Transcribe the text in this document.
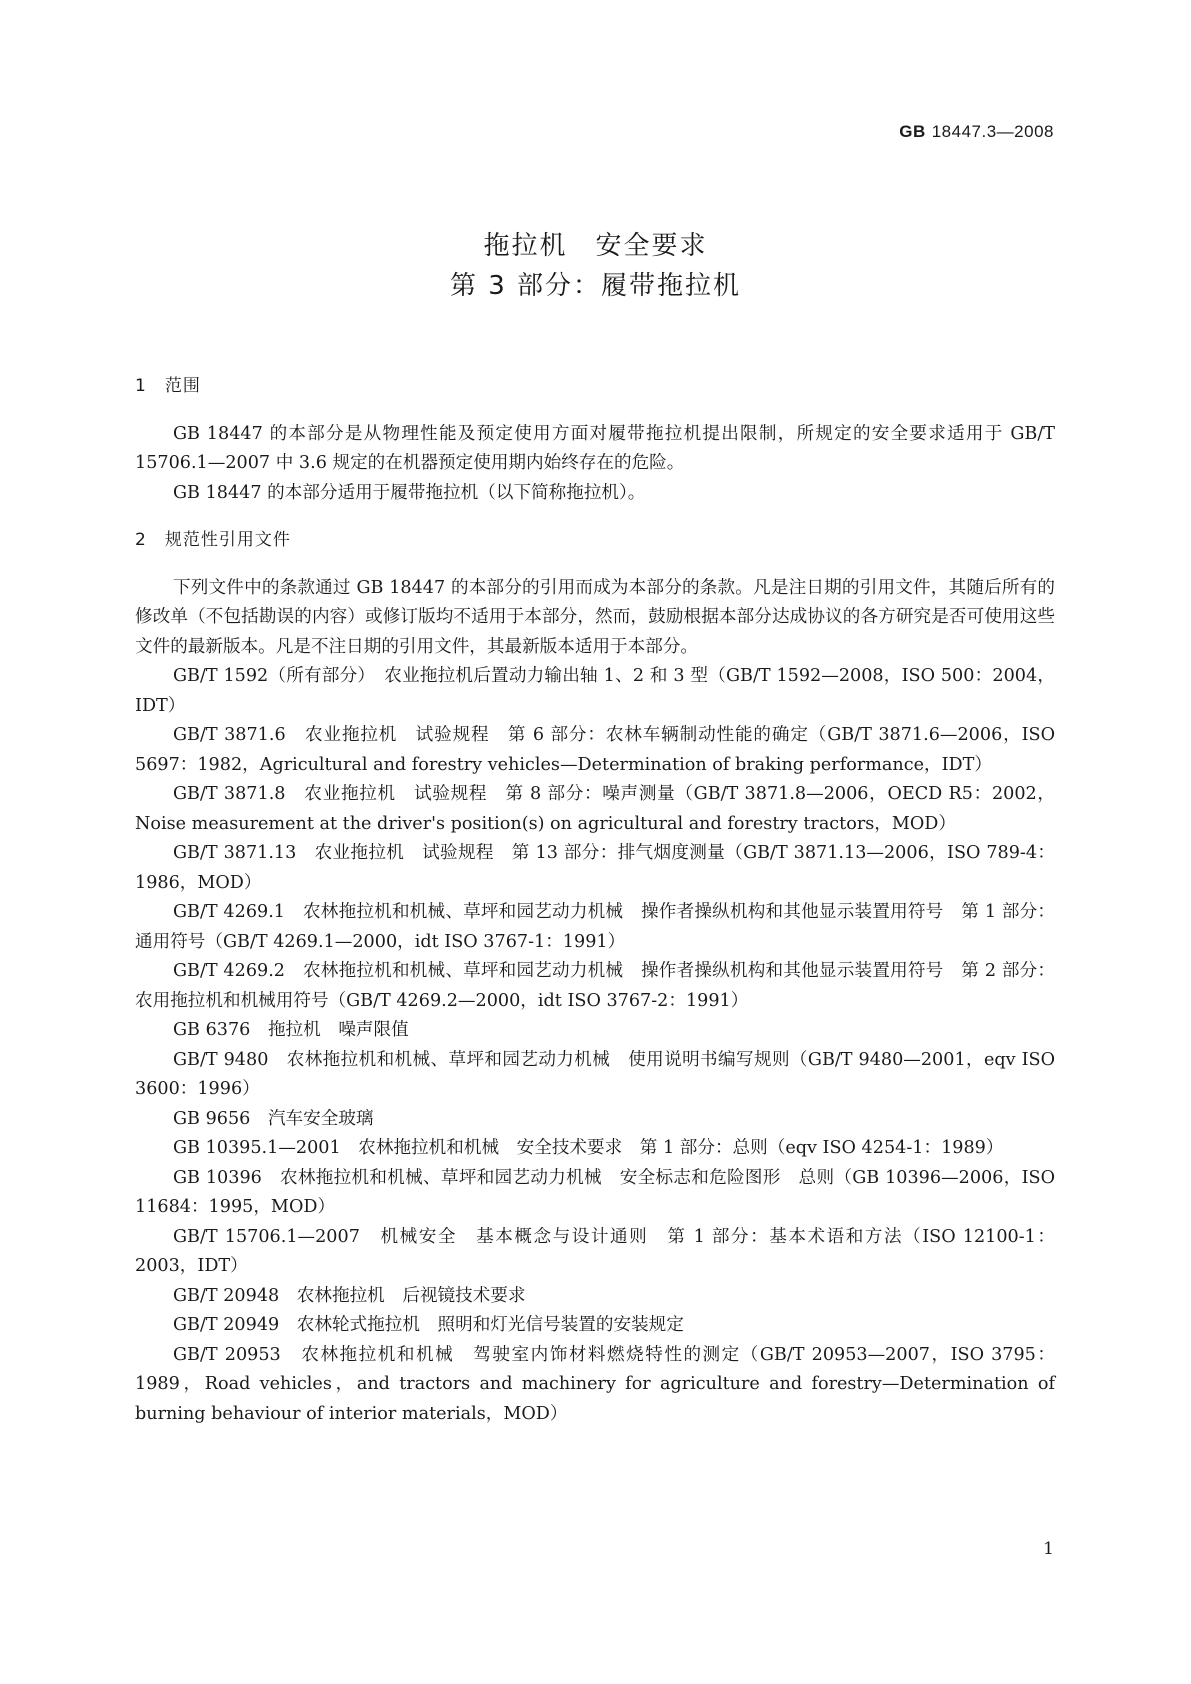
GB 18447.3—2008
拖拉机　安全要求
第 3 部分：履带拖拉机
1 范围

GB 18447 的本部分是从物理性能及预定使用方面对履带拖拉机提出限制，所规定的安全要求适用于 GB/T 15706.1—2007 中 3.6 规定的在机器预定使用期内始终存在的危险。

GB 18447 的本部分适用于履带拖拉机（以下简称拖拉机）。

2 规范性引用文件

下列文件中的条款通过 GB 18447 的本部分的引用而成为本部分的条款。凡是注日期的引用文件，其随后所有的修改单（不包括勘误的内容）或修订版均不适用于本部分，然而，鼓励根据本部分达成协议的各方研究是否可使用这些文件的最新版本。凡是不注日期的引用文件，其最新版本适用于本部分。

GB/T 1592（所有部分）　农业拖拉机后置动力输出轴 1、2 和 3 型（GB/T 1592—2008，ISO 500：2004，IDT）

GB/T 3871.6　农业拖拉机　试验规程　第 6 部分：农林车辆制动性能的确定（GB/T 3871.6—2006，ISO 5697：1982，Agricultural and forestry vehicles—Determination of braking performance，IDT）

GB/T 3871.8　农业拖拉机　试验规程　第 8 部分：噪声测量（GB/T 3871.8—2006，OECD R5：2002，Noise measurement at the driver's position(s) on agricultural and forestry tractors，MOD）

GB/T 3871.13　农业拖拉机　试验规程　第 13 部分：排气烟度测量（GB/T 3871.13—2006，ISO 789-4：1986，MOD）

GB/T 4269.1　农林拖拉机和机械、草坪和园艺动力机械　操作者操纵机构和其他显示装置用符号　第 1 部分：通用符号（GB/T 4269.1—2000，idt ISO 3767-1：1991）

GB/T 4269.2　农林拖拉机和机械、草坪和园艺动力机械　操作者操纵机构和其他显示装置用符号　第 2 部分：农用拖拉机和机械用符号（GB/T 4269.2—2000，idt ISO 3767-2：1991）

GB 6376　拖拉机　噪声限值

GB/T 9480　农林拖拉机和机械、草坪和园艺动力机械　使用说明书编写规则（GB/T 9480—2001，eqv ISO 3600：1996）

GB 9656　汽车安全玻璃

GB 10395.1—2001　农林拖拉机和机械　安全技术要求　第 1 部分：总则（eqv ISO 4254-1：1989）

GB 10396　农林拖拉机和机械、草坪和园艺动力机械　安全标志和危险图形　总则（GB 10396—2006，ISO 11684：1995，MOD）

GB/T 15706.1—2007　机械安全　基本概念与设计通则　第 1 部分：基本术语和方法（ISO 12100-1：2003，IDT）

GB/T 20948　农林拖拉机　后视镜技术要求

GB/T 20949　农林轮式拖拉机　照明和灯光信号装置的安装规定

GB/T 20953　农林拖拉机和机械　驾驶室内饰材料燃烧特性的测定（GB/T 20953—2007，ISO 3795：1989，Road vehicles，and tractors and machinery for agriculture and forestry—Determination of burning behaviour of interior materials，MOD）

1
